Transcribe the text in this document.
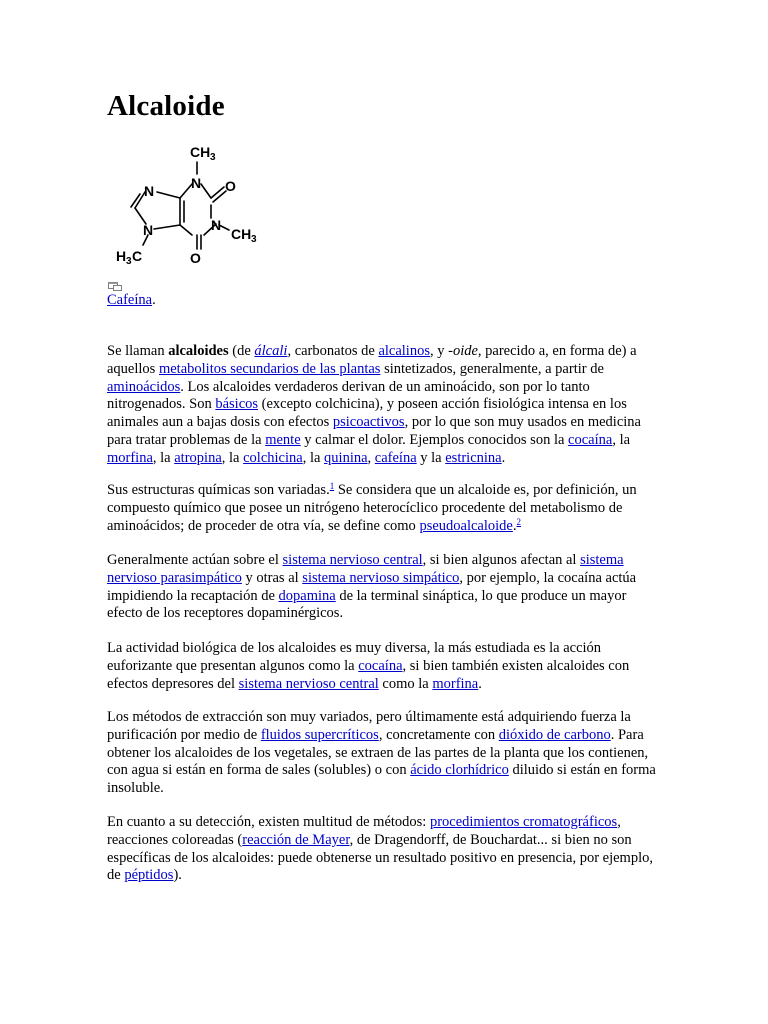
Alcaloide
N
N
N	N
O
O
CH 3
CH 3
H 3 C
Cafeína.

Se llaman alcaloides (de álcali, carbonatos de alcalinos, y -oide, parecido a, en forma de) a aquellos metabolitos secundarios de las plantas sintetizados, generalmente, a partir de aminoácidos. Los alcaloides verdaderos derivan de un aminoácido, son por lo tanto nitrogenados. Son básicos (excepto colchicina), y poseen acción fisiológica intensa en los animales aun a bajas dosis con efectos psicoactivos, por lo que son muy usados en medicina para tratar problemas de la mente y calmar el dolor. Ejemplos conocidos son la cocaína, la morfina, la atropina, la colchicina, la quinina, cafeína y la estricnina.

Sus estructuras químicas son variadas.$^1$ Se considera que un alcaloide es, por definición, un compuesto químico que posee un nitrógeno heterocíclico procedente del metabolismo de aminoácidos; de proceder de otra vía, se define como pseudoalcaloide.$^2$

Generalmente actúan sobre el sistema nervioso central, si bien algunos afectan al sistema nervioso parasimpático y otras al sistema nervioso simpático, por ejemplo, la cocaína actúa impidiendo la recaptación de dopamina de la terminal sináptica, lo que produce un mayor efecto de los receptores dopaminérgicos.

La actividad biológica de los alcaloides es muy diversa, la más estudiada es la acción euforizante que presentan algunos como la cocaína, si bien también existen alcaloides con efectos depresores del sistema nervioso central como la morfina.

Los métodos de extracción son muy variados, pero últimamente está adquiriendo fuerza la purificación por medio de fluidos supercríticos, concretamente con dióxido de carbono. Para obtener los alcaloides de los vegetales, se extraen de las partes de la planta que los contienen, con agua si están en forma de sales (solubles) o con ácido clorhídrico diluido si están en forma insoluble.

En cuanto a su detección, existen multitud de métodos: procedimientos cromatográficos, reacciones coloreadas (reacción de Mayer, de Dragendorff, de Bouchardat... si bien no son específicas de los alcaloides: puede obtenerse un resultado positivo en presencia, por ejemplo, de péptidos).
